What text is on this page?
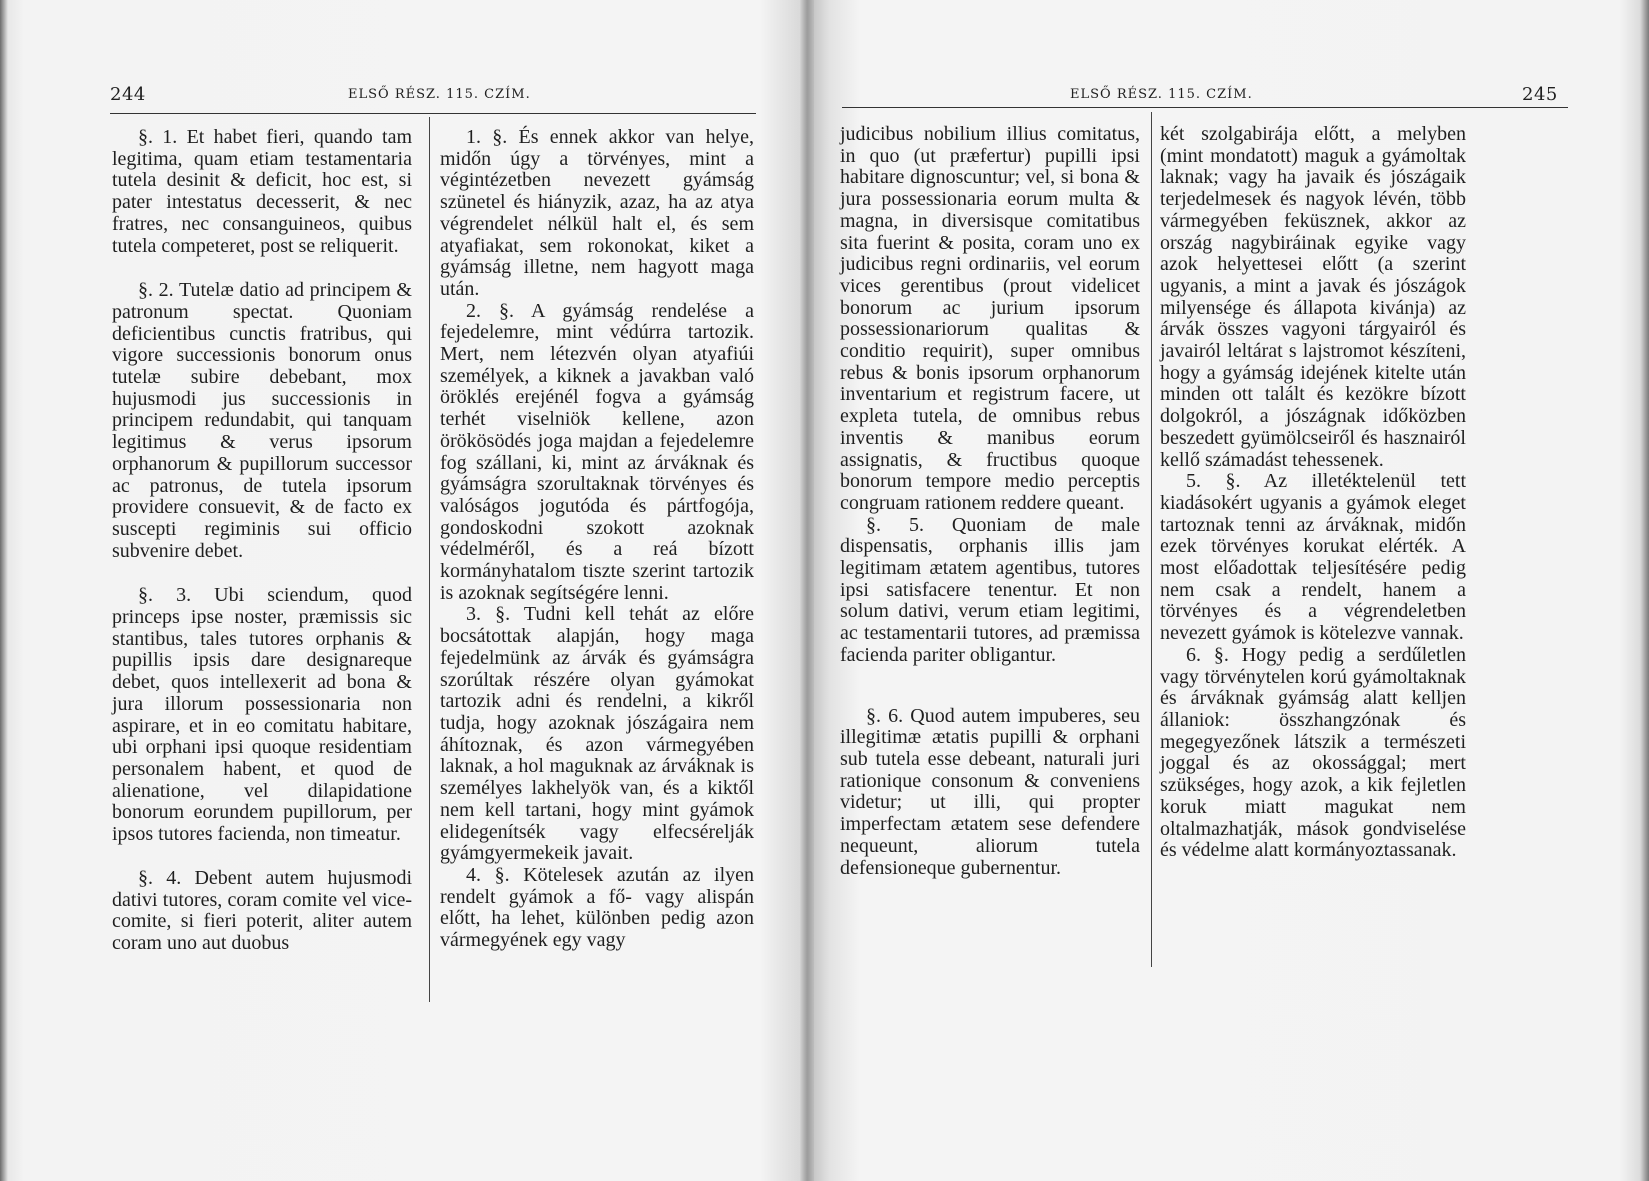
244	ELSŐ RÉSZ. 115. CZÍM.

§. 1. Et habet fieri, quando tam legitima, quam etiam testamentaria tutela desinit & deficit, hoc est, si pater intestatus decesserit, & nec fratres, nec consanguineos, quibus tutela competeret, post se reliquerit.

§. 2. Tutelæ datio ad principem & patronum spectat. Quoniam deficientibus cunctis fratribus, qui vigore successionis bonorum onus tutelæ subire debebant, mox hujusmodi jus successionis in principem redundabit, qui tanquam legitimus & verus ipsorum orphanorum & pupillorum successor ac patronus, de tutela ipsorum providere consuevit, & de facto ex suscepti regiminis sui officio subvenire debet.

§. 3. Ubi sciendum, quod princeps ipse noster, præmissis sic stantibus, tales tutores orphanis & pupillis ipsis dare designareque debet, quos intellexerit ad bona & jura illorum possessionaria non aspirare, et in eo comitatu habitare, ubi orphani ipsi quoque residentiam personalem habent, et quod de alienatione, vel dilapidatione bonorum eorundem pupillorum, per ipsos tutores facienda, non timeatur.

§. 4. Debent autem hujusmodi dativi tutores, coram comite vel vice-comite, si fieri poterit, aliter autem coram uno aut duobus

1. §. És ennek akkor van helye, midőn úgy a törvényes, mint a végintézetben nevezett gyámság szünetel és hiányzik, azaz, ha az atya végrendelet nélkül halt el, és sem atyafiakat, sem rokonokat, kiket a gyámság illetne, nem hagyott maga után.

2. §. A gyámság rendelése a fejedelemre, mint védúrra tartozik. Mert, nem létezvén olyan atyafiúi személyek, a kiknek a javakban való öröklés erejénél fogva a gyámság terhét viselniök kellene, azon örökösödés joga majdan a fejedelemre fog szállani, ki, mint az árváknak és gyámságra szorultaknak törvényes és valóságos jogutóda és pártfogója, gondoskodni szokott azoknak védelméről, és a reá bízott kormányhatalom tiszte szerint tartozik is azoknak segítségére lenni.

3. §. Tudni kell tehát az előre bocsátottak alapján, hogy maga fejedelmünk az árvák és gyámságra szorúltak részére olyan gyámokat tartozik adni és rendelni, a kikről tudja, hogy azoknak jószágaira nem áhítoznak, és azon vármegyében laknak, a hol maguknak az árváknak is személyes lakhelyök van, és a kiktől nem kell tartani, hogy mint gyámok elidegenítsék vagy elfecsérelják gyámgyermekeik javait.

4. §. Kötelesek azután az ilyen rendelt gyámok a fő- vagy alispán előtt, ha lehet, különben pedig azon vármegyének egy vagy

ELSŐ RÉSZ. 115. CZÍM.	245

judicibus nobilium illius comitatus, in quo (ut præfertur) pupilli ipsi habitare dignoscuntur; vel, si bona & jura possessionaria eorum multa & magna, in diversisque comitatibus sita fuerint & posita, coram uno ex judicibus regni ordinariis, vel eorum vices gerentibus (prout videlicet bonorum ac jurium ipsorum possessionariorum qualitas & conditio requirit), super omnibus rebus & bonis ipsorum orphanorum inventarium et registrum facere, ut expleta tutela, de omnibus rebus inventis & manibus eorum assignatis, & fructibus quoque bonorum tempore medio perceptis congruam rationem reddere queant.

§. 5. Quoniam de male dispensatis, orphanis illis jam legitimam ætatem agentibus, tutores ipsi satisfacere tenentur. Et non solum dativi, verum etiam legitimi, ac testamentarii tutores, ad præmissa facienda pariter obligantur.

§. 6. Quod autem impuberes, seu illegitimæ ætatis pupilli & orphani sub tutela esse debeant, naturali juri rationique consonum & conveniens videtur; ut illi, qui propter imperfectam ætatem sese defendere nequeunt, aliorum tutela defensioneque gubernentur.

két szolgabirája előtt, a melyben (mint mondatott) maguk a gyámoltak laknak; vagy ha javaik és jószágaik terjedelmesek és nagyok lévén, több vármegyében feküsznek, akkor az ország nagybiráinak egyike vagy azok helyettesei előtt (a szerint ugyanis, a mint a javak és jószágok milyensége és állapota kivánja) az árvák összes vagyoni tárgyairól és javairól leltárat s lajstromot készíteni, hogy a gyámság idejének kitelte után minden ott talált és kezökre bízott dolgokról, a jószágnak időközben beszedett gyümölcseiről és hasznairól kellő számadást tehessenek.

5. §. Az illetéktelenül tett kiadásokért ugyanis a gyámok eleget tartoznak tenni az árváknak, midőn ezek törvényes korukat elérték. A most előadottak teljesítésére pedig nem csak a rendelt, hanem a törvényes és a végrendeletben nevezett gyámok is kötelezve vannak.

6. §. Hogy pedig a serdűletlen vagy törvénytelen korú gyámoltaknak és árváknak gyámság alatt kelljen állaniok: összhangzónak és megegyezőnek látszik a természeti joggal és az okossággal; mert szükséges, hogy azok, a kik fejletlen koruk miatt magukat nem oltalmazhatják, mások gondviselése és védelme alatt kormányoztassanak.
